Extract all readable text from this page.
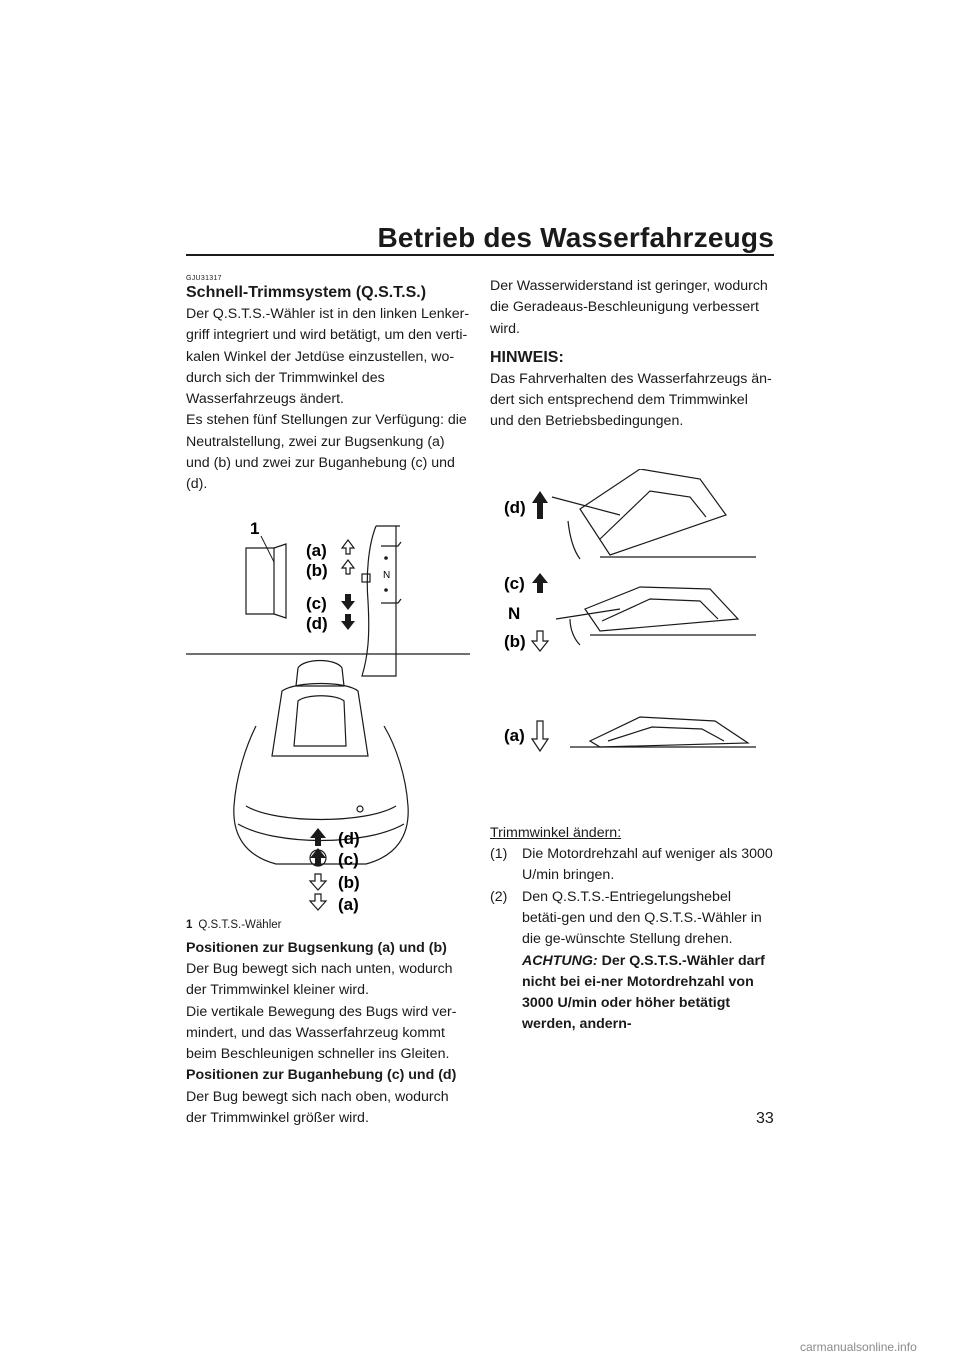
Betrieb des Wasserfahrzeugs

GJU31317

Schnell-Trimmsystem (Q.S.T.S.)

Der Q.S.T.S.-Wähler ist in den linken Lenker-griff integriert und wird betätigt, um den verti-kalen Winkel der Jetdüse einzustellen, wo-durch sich der Trimmwinkel des Wasserfahrzeugs ändert.

Es stehen fünf Stellungen zur Verfügung: die Neutralstellung, zwei zur Bugsenkung (a) und (b) und zwei zur Buganhebung (c) und (d).

1
(a)
(b)
(c)
(d)
N
(d)
(c)
(b)
(a)

1 Q.S.T.S.-Wähler

Positionen zur Bugsenkung (a) und (b)

Der Bug bewegt sich nach unten, wodurch der Trimmwinkel kleiner wird.

Die vertikale Bewegung des Bugs wird ver-mindert, und das Wasserfahrzeug kommt beim Beschleunigen schneller ins Gleiten.

Positionen zur Buganhebung (c) und (d)

Der Bug bewegt sich nach oben, wodurch der Trimmwinkel größer wird.

Der Wasserwiderstand ist geringer, wodurch die Geradeaus-Beschleunigung verbessert wird.

HINWEIS:

Das Fahrverhalten des Wasserfahrzeugs än-dert sich entsprechend dem Trimmwinkel und den Betriebsbedingungen.

(d)
(c)
N
(b)
(a)

Trimmwinkel ändern:

(1) Die Motordrehzahl auf weniger als 3000 U/min bringen.
(2) Den Q.S.T.S.-Entriegelungshebel betäti-gen und den Q.S.T.S.-Wähler in die ge-wünschte Stellung drehen. ACHTUNG: Der Q.S.T.S.-Wähler darf nicht bei ei-ner Motordrehzahl von 3000 U/min oder höher betätigt werden, andern-

33

carmanualsonline.info
